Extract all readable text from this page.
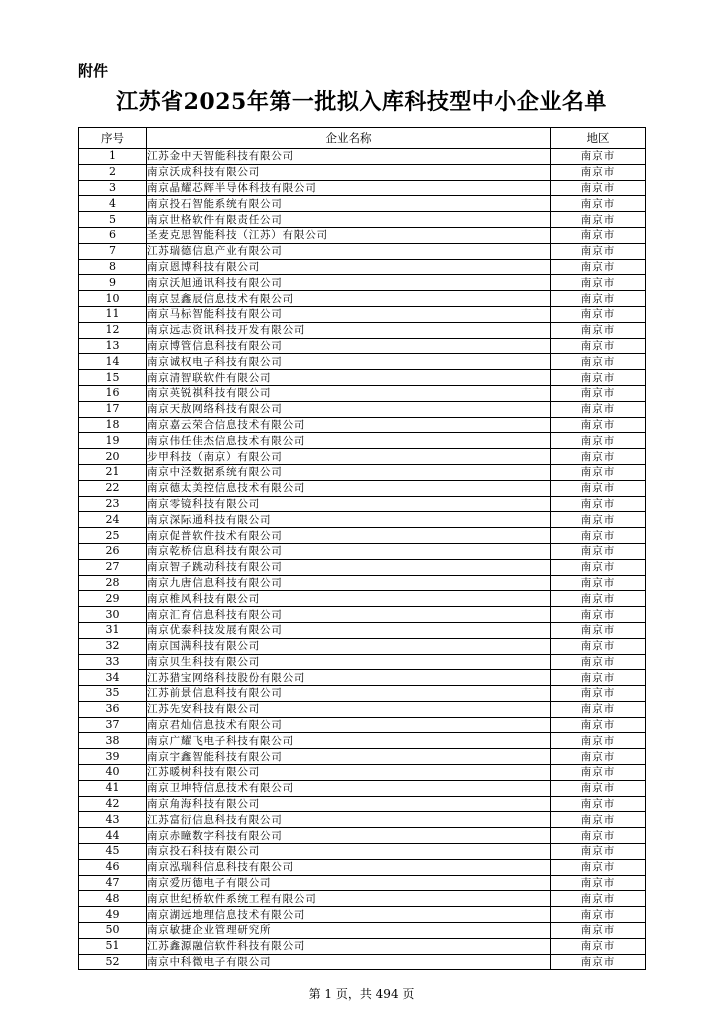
附件
江苏省2025年第一批拟入库科技型中小企业名单
序号	企业名称	地区
1	江苏金中天智能科技有限公司	南京市
2	南京沃成科技有限公司	南京市
3	南京晶耀芯辉半导体科技有限公司	南京市
4	南京投石智能系统有限公司	南京市
5	南京世格软件有限责任公司	南京市
6	圣麦克思智能科技（江苏）有限公司	南京市
7	江苏瑞德信息产业有限公司	南京市
8	南京恩博科技有限公司	南京市
9	南京沃旭通讯科技有限公司	南京市
10	南京昱鑫辰信息技术有限公司	南京市
11	南京马标智能科技有限公司	南京市
12	南京远志资讯科技开发有限公司	南京市
13	南京博管信息科技有限公司	南京市
14	南京诚权电子科技有限公司	南京市
15	南京清智联软件有限公司	南京市
16	南京英锐祺科技有限公司	南京市
17	南京天敖网络科技有限公司	南京市
18	南京嘉云荣合信息技术有限公司	南京市
19	南京伟任佳杰信息技术有限公司	南京市
20	步甲科技（南京）有限公司	南京市
21	南京中泾数据系统有限公司	南京市
22	南京德太美控信息技术有限公司	南京市
23	南京零镜科技有限公司	南京市
24	南京深际通科技有限公司	南京市
25	南京促普软件技术有限公司	南京市
26	南京乾桥信息科技有限公司	南京市
27	南京智子跳动科技有限公司	南京市
28	南京九唐信息科技有限公司	南京市
29	南京椎风科技有限公司	南京市
30	南京汇育信息科技有限公司	南京市
31	南京优泰科技发展有限公司	南京市
32	南京国满科技有限公司	南京市
33	南京贝生科技有限公司	南京市
34	江苏猎宝网络科技股份有限公司	南京市
35	江苏前景信息科技有限公司	南京市
36	江苏先安科技有限公司	南京市
37	南京君灿信息技术有限公司	南京市
38	南京广耀飞电子科技有限公司	南京市
39	南京宇鑫智能科技有限公司	南京市
40	江苏暖树科技有限公司	南京市
41	南京卫坤特信息技术有限公司	南京市
42	南京角海科技有限公司	南京市
43	江苏富衍信息科技有限公司	南京市
44	南京赤瞳数字科技有限公司	南京市
45	南京投石科技有限公司	南京市
46	南京泓瑞科信息科技有限公司	南京市
47	南京爱历德电子有限公司	南京市
48	南京世纪桥软件系统工程有限公司	南京市
49	南京湖远地理信息技术有限公司	南京市
50	南京敏捷企业管理研究所	南京市
51	江苏鑫源融信软件科技有限公司	南京市
52	南京中科微电子有限公司	南京市
第 1 页，共 494 页
